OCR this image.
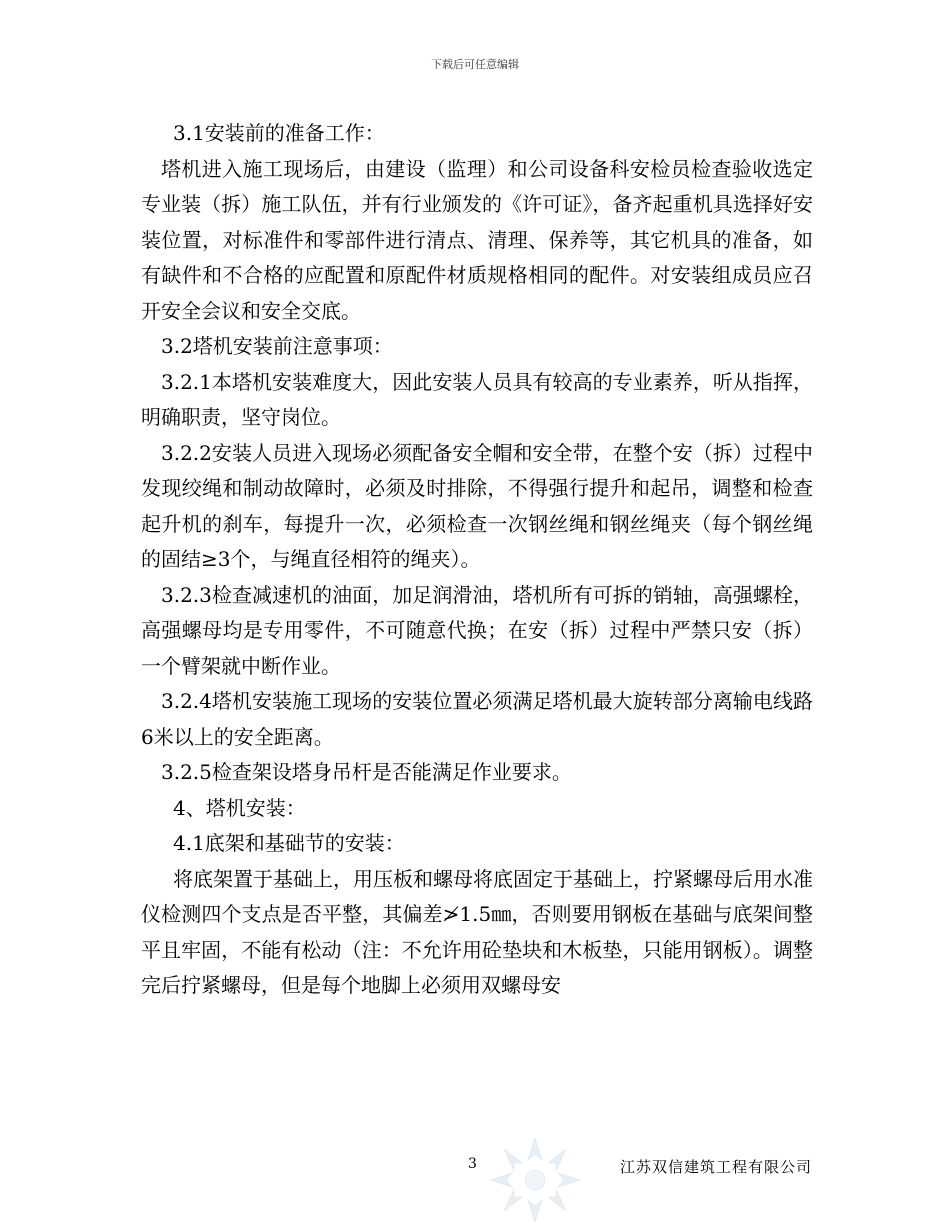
下载后可任意编辑

3.1安装前的准备工作：

塔机进入施工现场后，由建设（监理）和公司设备科安检员检查验收选定专业装（拆）施工队伍，并有行业颁发的《许可证》，备齐起重机具选择好安装位置，对标准件和零部件进行清点、清理、保养等，其它机具的准备，如有缺件和不合格的应配置和原配件材质规格相同的配件。对安装组成员应召开安全会议和安全交底。

3.2塔机安装前注意事项：

3.2.1本塔机安装难度大，因此安装人员具有较高的专业素养，听从指挥，明确职责，坚守岗位。

3.2.2安装人员进入现场必须配备安全帽和安全带，在整个安（拆）过程中发现绞绳和制动故障时，必须及时排除，不得强行提升和起吊，调整和检查起升机的刹车，每提升一次，必须检查一次钢丝绳和钢丝绳夹（每个钢丝绳的固结≥3个，与绳直径相符的绳夹）。

3.2.3检查减速机的油面，加足润滑油，塔机所有可拆的销轴，高强螺栓，高强螺母均是专用零件，不可随意代换；在安（拆）过程中严禁只安（拆）一个臂架就中断作业。

3.2.4塔机安装施工现场的安装位置必须满足塔机最大旋转部分离输电线路6米以上的安全距离。

3.2.5检查架设塔身吊杆是否能满足作业要求。

4、塔机安装：

4.1底架和基础节的安装：

将底架置于基础上，用压板和螺母将底固定于基础上，拧紧螺母后用水准仪检测四个支点是否平整，其偏差≯1.5㎜，否则要用钢板在基础与底架间整平且牢固，不能有松动（注：不允许用砼垫块和木板垫，只能用钢板）。调整完后拧紧螺母，但是每个地脚上必须用双螺母安

3	江苏双信建筑工程有限公司
